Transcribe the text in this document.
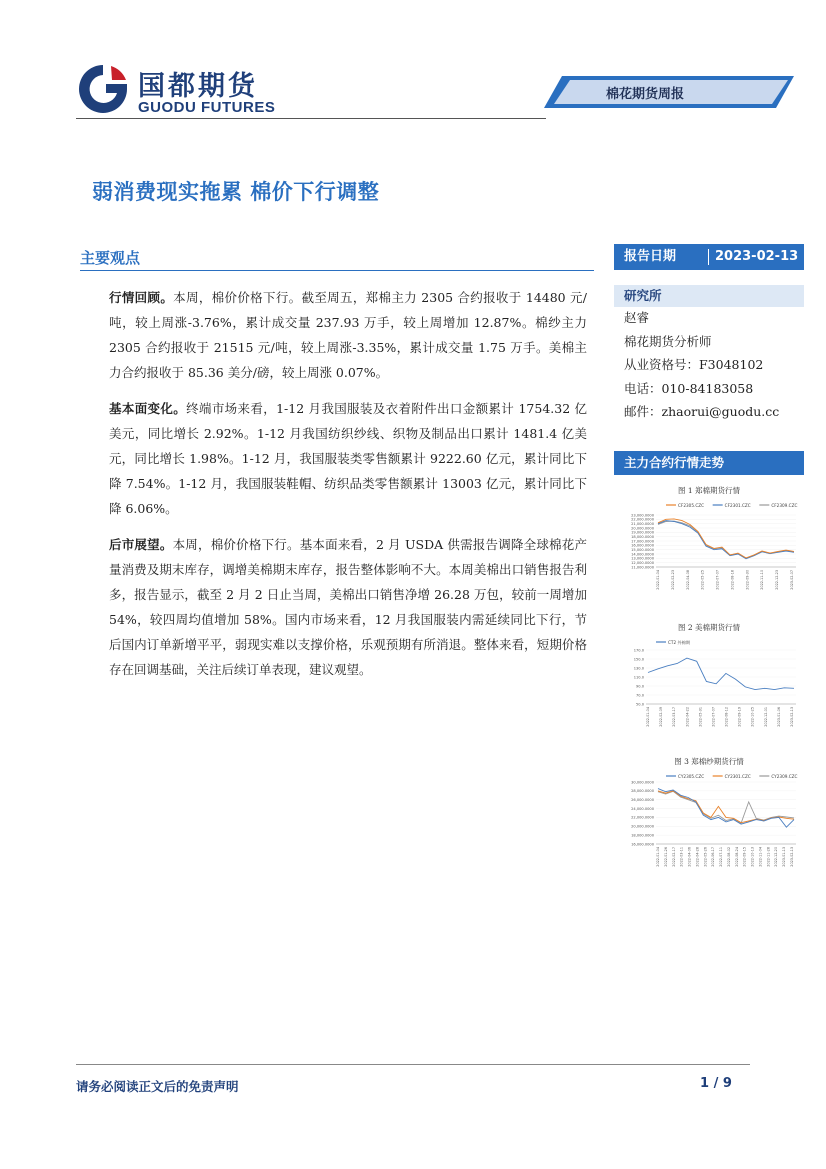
国都期货
GUODU FUTURES
棉花期货周报
弱消费现实拖累 棉价下行调整
主要观点

行情回顾。本周，棉价价格下行。截至周五，郑棉主力 2305 合约报收于 14480 元/吨，较上周涨-3.76%，累计成交量 237.93 万手，较上周增加 12.87%。棉纱主力 2305 合约报收于 21515 元/吨，较上周涨-3.35%，累计成交量 1.75 万手。美棉主力合约报收于 85.36 美分/磅，较上周涨 0.07%。

基本面变化。终端市场来看，1-12 月我国服装及衣着附件出口金额累计 1754.32 亿美元，同比增长 2.92%。1-12 月我国纺织纱线、织物及制品出口累计 1481.4 亿美元，同比增长 1.98%。1-12 月，我国服装类零售额累计 9222.60 亿元，累计同比下降 7.54%。1-12 月，我国服装鞋帽、纺织品类零售额累计 13003 亿元，累计同比下降 6.06%。

后市展望。本周，棉价价格下行。基本面来看，2 月 USDA 供需报告调降全球棉花产量消费及期末库存，调增美棉期末库存，报告整体影响不大。本周美棉出口销售报告利多，报告显示，截至 2 月 2 日止当周，美棉出口销售净增 26.28 万包，较前一周增加 54%，较四周均值增加 58%。国内市场来看，12 月我国服装内需延续同比下行，节后国内订单新增平平，弱现实难以支撑价格，乐观预期有所消退。整体来看，短期价格存在回调基础，关注后续订单表现，建议观望。

报告日期	2023-02-13
研究所
赵睿
棉花期货分析师
从业资格号：F3048102
电话：010-84183058
邮件：zhaorui@guodu.cc
主力合约行情走势
图 1 郑棉期货行情
CF2305.CZC	CF2301.CZC	CF2309.CZC
23,000.0000
22,000.0000
21,000.0000
20,000.0000
19,000.0000
18,000.0000
17,000.0000
16,000.0000
15,000.0000
14,000.0000
13,000.0000
12,000.0000
11,000.0000
2022-01-04	2022-02-23	2022-04-08	2022-05-25	2022-07-07	2022-08-18	2022-09-30	2022-11-10	2022-12-23	2023-02-07
图 2 美棉期货行情
CT2 外棉期
170.0
150.0
130.0
110.0
90.0
70.0
50.0
2022-01-04	2022-02-09	2022-03-17	2022-04-22	2022-05-31	2022-07-07	2022-08-12	2022-09-19	2022-10-25	2022-12-01	2023-01-06	2023-02-13
图 3 郑棉纱期货行情
CY2305.CZC	CY2301.CZC	CY2309.CZC
30,000.0000
28,000.0000
26,000.0000
24,000.0000
22,000.0000
20,000.0000
18,000.0000
16,000.0000
2022-01-04 2022-01-26 2022-02-17 2022-03-11 2022-04-06 2022-04-28 2022-05-26 2022-06-17 2022-07-11 2022-08-02 2022-08-24 2022-09-15 2022-10-13 2022-11-04 2022-11-28 2022-12-20 2023-01-13 2023-02-13
请务必阅读正文后的免责声明	1 / 9
